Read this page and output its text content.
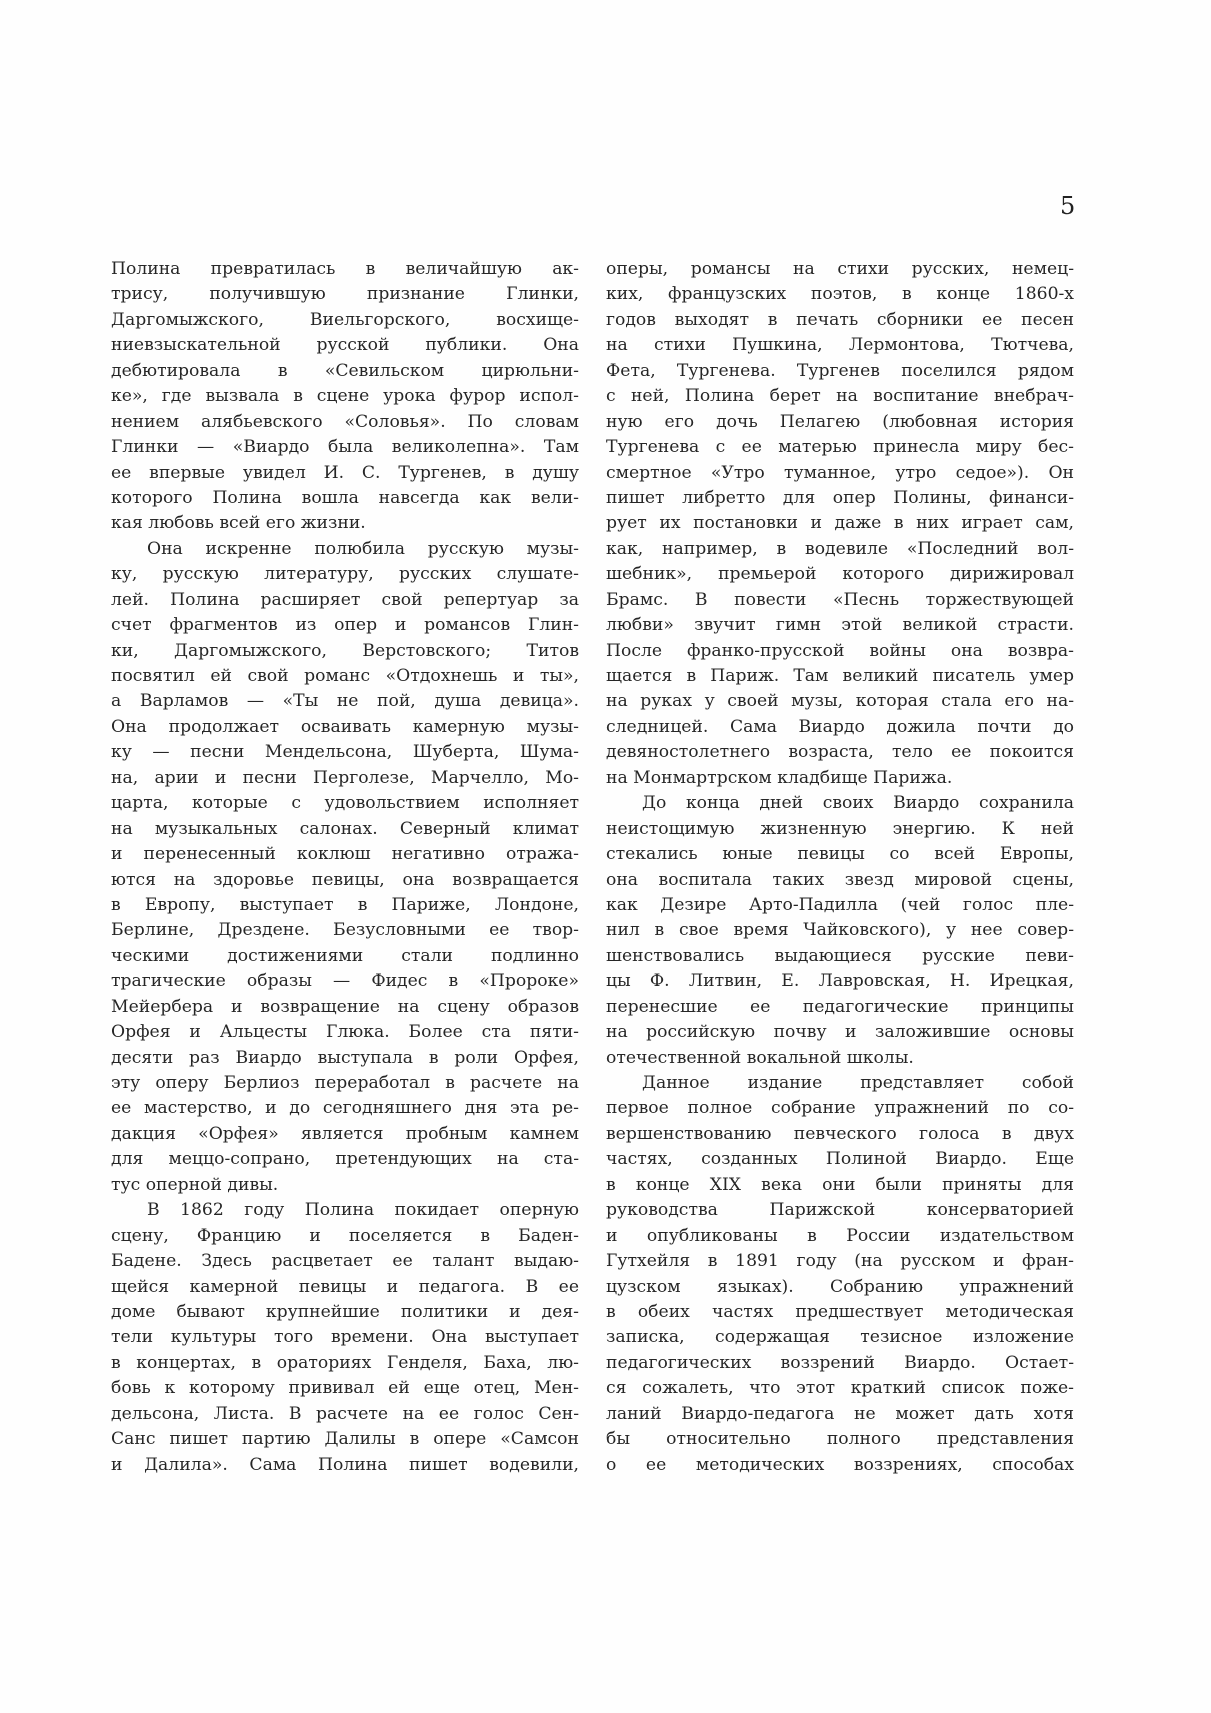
5
Полина превратилась в величайшую ак-
трису, получившую признание Глинки,
Даргомыжского, Виельгорского, восхище-
ниевзыскательной русской публики. Она
дебютировала в «Севильском цирюльни-
ке», где вызвала в сцене урока фурор испол-
нением алябьевского «Соловья». По словам
Глинки — «Виардо была великолепна». Там
ее впервые увидел И. С. Тургенев, в душу
которого Полина вошла навсегда как вели-
кая любовь всей его жизни.
Она искренне полюбила русскую музы-
ку, русскую литературу, русских слушате-
лей. Полина расширяет свой репертуар за
счет фрагментов из опер и романсов Глин-
ки, Даргомыжского, Верстовского; Титов
посвятил ей свой романс «Отдохнешь и ты»,
а Варламов — «Ты не пой, душа девица».
Она продолжает осваивать камерную музы-
ку — песни Мендельсона, Шуберта, Шума-
на, арии и песни Перголезе, Марчелло, Мо-
царта, которые с удовольствием исполняет
на музыкальных салонах. Северный климат
и перенесенный коклюш негативно отража-
ются на здоровье певицы, она возвращается
в Европу, выступает в Париже, Лондоне,
Берлине, Дрездене. Безусловными ее твор-
ческими достижениями стали подлинно
трагические образы — Фидес в «Пророке»
Мейербера и возвращение на сцену образов
Орфея и Альцесты Глюка. Более ста пяти-
десяти раз Виардо выступала в роли Орфея,
эту оперу Берлиоз переработал в расчете на
ее мастерство, и до сегодняшнего дня эта ре-
дакция «Орфея» является пробным камнем
для меццо-сопрано, претендующих на ста-
тус оперной дивы.
В 1862 году Полина покидает оперную
сцену, Францию и поселяется в Баден-
Бадене. Здесь расцветает ее талант выдаю-
щейся камерной певицы и педагога. В ее
доме бывают крупнейшие политики и дея-
тели культуры того времени. Она выступает
в концертах, в ораториях Генделя, Баха, лю-
бовь к которому прививал ей еще отец, Мен-
дельсона, Листа. В расчете на ее голос Сен-
Санс пишет партию Далилы в опере «Самсон
и Далила». Сама Полина пишет водевили,
оперы, романсы на стихи русских, немец-
ких, французских поэтов, в конце 1860-х
годов выходят в печать сборники ее песен
на стихи Пушкина, Лермонтова, Тютчева,
Фета, Тургенева. Тургенев поселился рядом
с ней, Полина берет на воспитание внебрач-
ную его дочь Пелагею (любовная история
Тургенева с ее матерью принесла миру бес-
смертное «Утро туманное, утро седое»). Он
пишет либретто для опер Полины, финанси-
рует их постановки и даже в них играет сам,
как, например, в водевиле «Последний вол-
шебник», премьерой которого дирижировал
Брамс. В повести «Песнь торжествующей
любви» звучит гимн этой великой страсти.
После франко-прусской войны она возвра-
щается в Париж. Там великий писатель умер
на руках у своей музы, которая стала его на-
следницей. Сама Виардо дожила почти до
девяностолетнего возраста, тело ее покоится
на Монмартрском кладбище Парижа.
До конца дней своих Виардо сохранила
неистощимую жизненную энергию. К ней
стекались юные певицы со всей Европы,
она воспитала таких звезд мировой сцены,
как Дезире Арто-Падилла (чей голос пле-
нил в свое время Чайковского), у нее совер-
шенствовались выдающиеся русские певи-
цы Ф. Литвин, Е. Лавровская, Н. Ирецкая,
перенесшие ее педагогические принципы
на российскую почву и заложившие основы
отечественной вокальной школы.
Данное издание представляет собой
первое полное собрание упражнений по со-
вершенствованию певческого голоса в двух
частях, созданных Полиной Виардо. Еще
в конце XIX века они были приняты для
руководства Парижской консерваторией
и опубликованы в России издательством
Гутхейля в 1891 году (на русском и фран-
цузском языках). Собранию упражнений
в обеих частях предшествует методическая
записка, содержащая тезисное изложение
педагогических воззрений Виардо. Остает-
ся сожалеть, что этот краткий список поже-
ланий Виардо-педагога не может дать хотя
бы относительно полного представления
о ее методических воззрениях, способах
